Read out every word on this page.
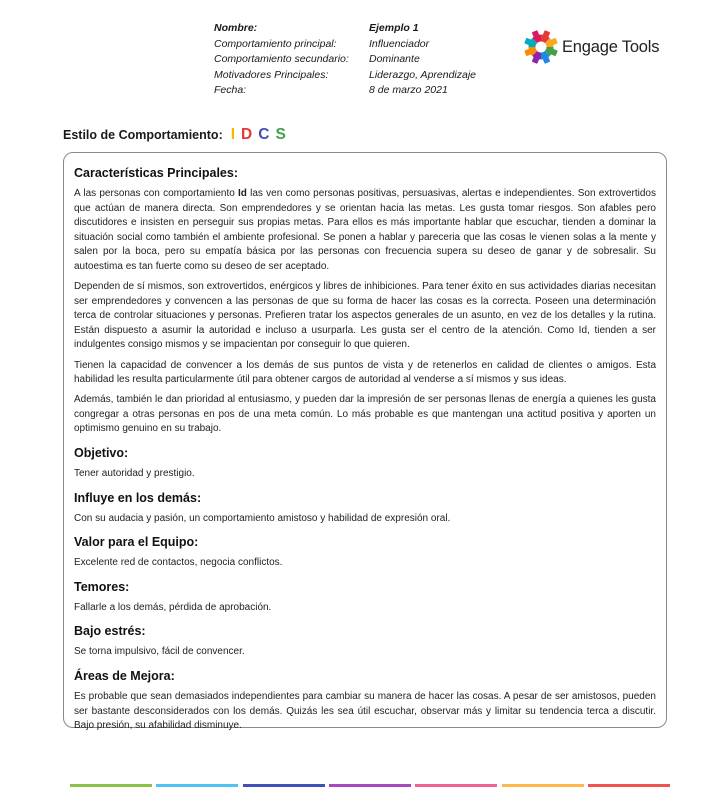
Nombre:	Ejemplo 1
Comportamiento principal:	Influenciador
Comportamiento secundario:	Dominante
Motivadores Principales:	Liderazgo, Aprendizaje
Fecha:	8 de marzo 2021
Engage Tools
Estilo de Comportamiento: I D C S
Características Principales:

A las personas con comportamiento Id las ven como personas positivas, persuasivas, alertas e independientes. Son extrovertidos que actúan de manera directa. Son emprendedores y se orientan hacia las metas. Les gusta tomar riesgos. Son afables pero discutidores e insisten en perseguir sus propias metas. Para ellos es más importante hablar que escuchar, tienden a dominar la situación social como también el ambiente profesional. Se ponen a hablar y pareceria que las cosas le vienen solas a la mente y salen por la boca, pero su empatía básica por las personas con frecuencia supera su deseo de ganar y de sobresalir. Su autoestima es tan fuerte como su deseo de ser aceptado.

Dependen de sí mismos, son extrovertidos, enérgicos y libres de inhibiciones. Para tener éxito en sus actividades diarias necesitan ser emprendedores y convencen a las personas de que su forma de hacer las cosas es la correcta. Poseen una determinación terca de controlar situaciones y personas. Prefieren tratar los aspectos generales de un asunto, en vez de los detalles y la rutina. Están dispuesto a asumir la autoridad e incluso a usurparla. Les gusta ser el centro de la atención. Como Id, tienden a ser indulgentes consigo mismos y se impacientan por conseguir lo que quieren.

Tienen la capacidad de convencer a los demás de sus puntos de vista y de retenerlos en calidad de clientes o amigos. Esta habilidad les resulta particularmente útil para obtener cargos de autoridad al venderse a sí mismos y sus ideas.

Además, también le dan prioridad al entusiasmo, y pueden dar la impresión de ser personas llenas de energía a quienes les gusta congregar a otras personas en pos de una meta común. Lo más probable es que mantengan una actitud positiva y aporten un optimismo genuino en su trabajo.

Objetivo:

Tener autoridad y prestigio.

Influye en los demás:

Con su audacia y pasión, un comportamiento amistoso y habilidad de expresión oral.

Valor para el Equipo:

Excelente red de contactos, negocia conflictos.

Temores:

Fallarle a los demás, pérdida de aprobación.

Bajo estrés:

Se torna impulsivo, fácil de convencer.

Áreas de Mejora:

Es probable que sean demasiados independientes para cambiar su manera de hacer las cosas. A pesar de ser amistosos, pueden ser bastante desconsiderados con los demás. Quizás les sea útil escuchar, observar más y limitar su tendencia terca a discutir. Bajo presión, su afabilidad disminuye.
